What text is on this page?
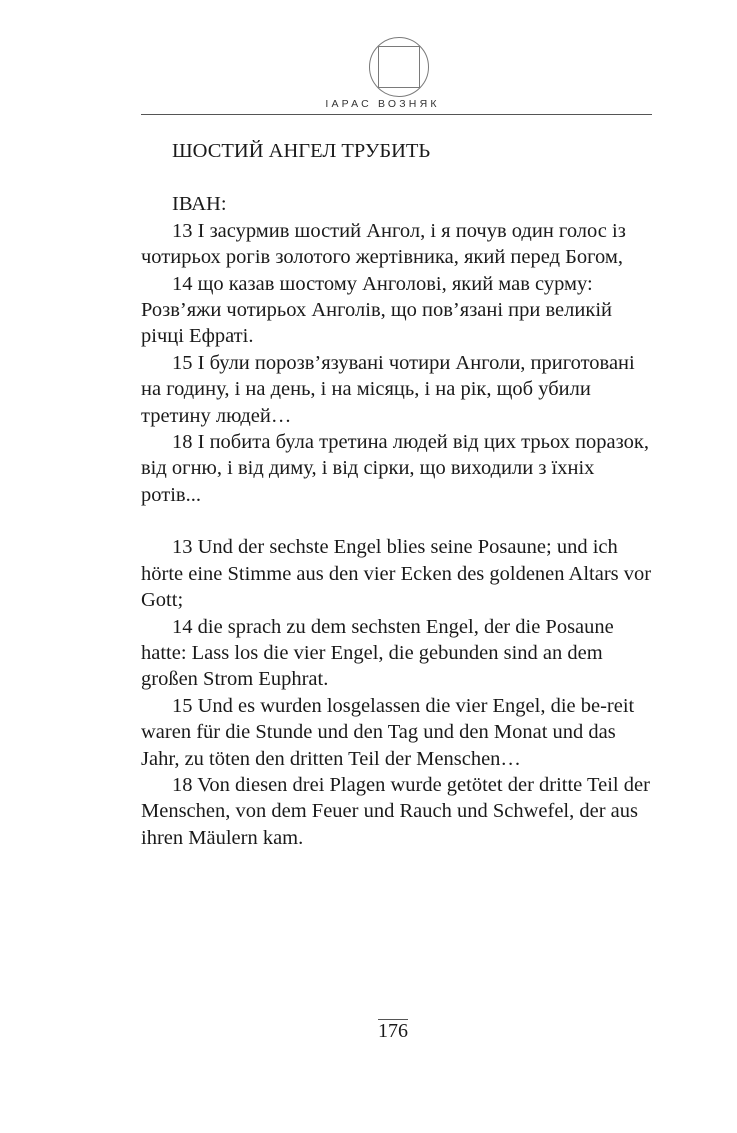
ІАРАС ВОЗНЯК

ШОСТИЙ АНГЕЛ ТРУБИТЬ

ІВАН:

13 І засурмив шостий Ангол, і я почув один голос із чотирьох рогів золотого жертівника, який перед Богом,

14 що казав шостому Анголові, який мав сурму: Розв’яжи чотирьох Анголів, що пов’язані при великій річці Ефраті.

15 І були порозв’язувані чотири Анголи, приготовані на годину, і на день, і на місяць, і на рік, щоб убили третину людей…

18 І побита була третина людей від цих трьох поразок, від огню, і від диму, і від сірки, що виходили з їхніх ротів...

13 Und der sechste Engel blies seine Posaune; und ich hörte eine Stimme aus den vier Ecken des goldenen Altars vor Gott;

14 die sprach zu dem sechsten Engel, der die Posaune hatte: Lass los die vier Engel, die gebunden sind an dem großen Strom Euphrat.

15 Und es wurden losgelassen die vier Engel, die be-reit waren für die Stunde und den Tag und den Monat und das Jahr, zu töten den dritten Teil der Menschen…

18 Von diesen drei Plagen wurde getötet der dritte Teil der Menschen, von dem Feuer und Rauch und Schwefel, der aus ihren Mäulern kam.

176
